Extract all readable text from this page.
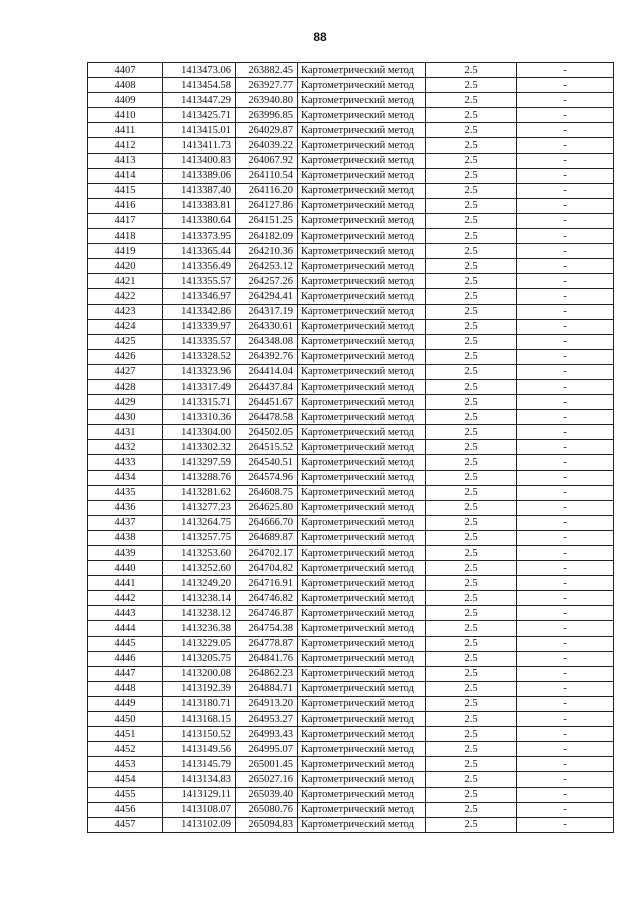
88
4407	1413473.06	263882.45	Картометрический метод	2.5	-
4408	1413454.58	263927.77	Картометрический метод	2.5	-
4409	1413447.29	263940.80	Картометрический метод	2.5	-
4410	1413425.71	263996.85	Картометрический метод	2.5	-
4411	1413415.01	264029.87	Картометрический метод	2.5	-
4412	1413411.73	264039.22	Картометрический метод	2.5	-
4413	1413400.83	264067.92	Картометрический метод	2.5	-
4414	1413389.06	264110.54	Картометрический метод	2.5	-
4415	1413387.40	264116.20	Картометрический метод	2.5	-
4416	1413383.81	264127.86	Картометрический метод	2.5	-
4417	1413380.64	264151.25	Картометрический метод	2.5	-
4418	1413373.95	264182.09	Картометрический метод	2.5	-
4419	1413365.44	264210.36	Картометрический метод	2.5	-
4420	1413356.49	264253.12	Картометрический метод	2.5	-
4421	1413355.57	264257.26	Картометрический метод	2.5	-
4422	1413346.97	264294.41	Картометрический метод	2.5	-
4423	1413342.86	264317.19	Картометрический метод	2.5	-
4424	1413339.97	264330.61	Картометрический метод	2.5	-
4425	1413335.57	264348.08	Картометрический метод	2.5	-
4426	1413328.52	264392.76	Картометрический метод	2.5	-
4427	1413323.96	264414.04	Картометрический метод	2.5	-
4428	1413317.49	264437.84	Картометрический метод	2.5	-
4429	1413315.71	264451.67	Картометрический метод	2.5	-
4430	1413310.36	264478.58	Картометрический метод	2.5	-
4431	1413304.00	264502.05	Картометрический метод	2.5	-
4432	1413302.32	264515.52	Картометрический метод	2.5	-
4433	1413297.59	264540.51	Картометрический метод	2.5	-
4434	1413288.76	264574.96	Картометрический метод	2.5	-
4435	1413281.62	264608.75	Картометрический метод	2.5	-
4436	1413277.23	264625.80	Картометрический метод	2.5	-
4437	1413264.75	264666.70	Картометрический метод	2.5	-
4438	1413257.75	264689.87	Картометрический метод	2.5	-
4439	1413253.60	264702.17	Картометрический метод	2.5	-
4440	1413252.60	264704.82	Картометрический метод	2.5	-
4441	1413249.20	264716.91	Картометрический метод	2.5	-
4442	1413238.14	264746.82	Картометрический метод	2.5	-
4443	1413238.12	264746.87	Картометрический метод	2.5	-
4444	1413236.38	264754.38	Картометрический метод	2.5	-
4445	1413229.05	264778.87	Картометрический метод	2.5	-
4446	1413205.75	264841.76	Картометрический метод	2.5	-
4447	1413200.08	264862.23	Картометрический метод	2.5	-
4448	1413192.39	264884.71	Картометрический метод	2.5	-
4449	1413180.71	264913.20	Картометрический метод	2.5	-
4450	1413168.15	264953.27	Картометрический метод	2.5	-
4451	1413150.52	264993.43	Картометрический метод	2.5	-
4452	1413149.56	264995.07	Картометрический метод	2.5	-
4453	1413145.79	265001.45	Картометрический метод	2.5	-
4454	1413134.83	265027.16	Картометрический метод	2.5	-
4455	1413129.11	265039.40	Картометрический метод	2.5	-
4456	1413108.07	265080.76	Картометрический метод	2.5	-
4457	1413102.09	265094.83	Картометрический метод	2.5	-
